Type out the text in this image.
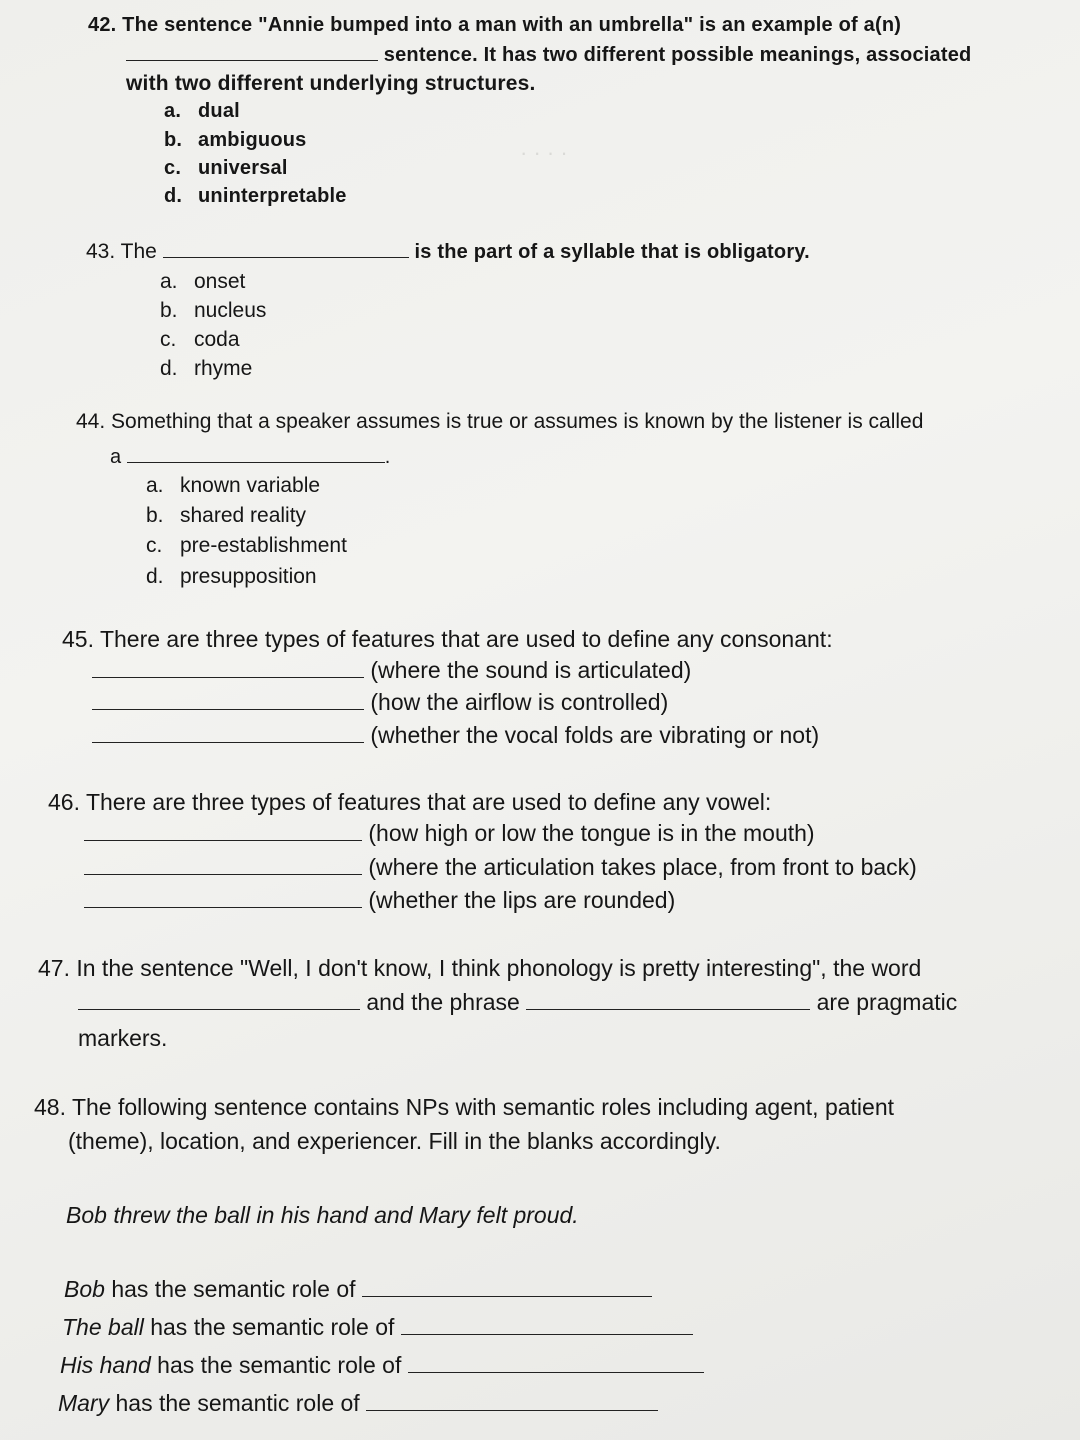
· · · ·

42. The sentence "Annie bumped into a man with an umbrella" is an example of a(n)

sentence. It has two different possible meanings, associated

with two different underlying structures.

a. dual

b. ambiguous

c. universal

d. uninterpretable

43. The	is the part of a syllable that is obligatory.

a. onset

b. nucleus

c. coda

d. rhyme

44. Something that a speaker assumes is true or assumes is known by the listener is called

a	.

a. known variable

b. shared reality

c. pre-establishment

d. presupposition

45. There are three types of features that are used to define any consonant:

(where the sound is articulated)

(how the airflow is controlled)

(whether the vocal folds are vibrating or not)

46. There are three types of features that are used to define any vowel:

(how high or low the tongue is in the mouth)

(where the articulation takes place, from front to back)

(whether the lips are rounded)

47. In the sentence "Well, I don't know, I think phonology is pretty interesting", the word

and the phrase	are pragmatic

markers.

48. The following sentence contains NPs with semantic roles including agent, patient

(theme), location, and experiencer. Fill in the blanks accordingly.

Bob threw the ball in his hand and Mary felt proud.

Bob has the semantic role of

The ball has the semantic role of

His hand has the semantic role of

Mary has the semantic role of
